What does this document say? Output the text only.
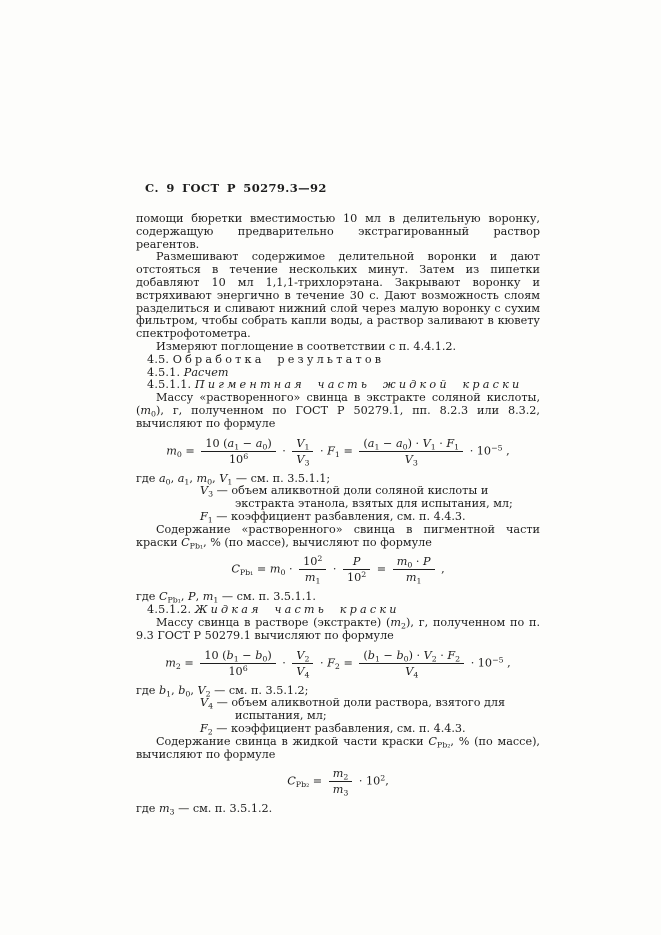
С. 9 ГОСТ Р 50279.3—92

помощи бюретки вместимостью 10 мл в делительную воронку, содержащую предварительно экстрагированный раствор реагентов.

Размешивают содержимое делительной воронки и дают отстояться в течение нескольких минут. Затем из пипетки добавляют 10 мл 1,1,1-трихлорэтана. Закрывают воронку и встряхивают энергично в течение 30 с. Дают возможность слоям разделиться и сливают нижний слой через малую воронку с сухим фильтром, чтобы собрать капли воды, а раствор заливают в кювету спектрофотометра.

Измеряют поглощение в соответствии с п. 4.4.1.2.

4.5. Обработка результатов

4.5.1. Расчет

4.5.1.1. Пигментная часть жидкой краски

Массу «растворенного» свинца в экстракте соляной кислоты, $(m_0)$, г, полученном по ГОСТ Р 50279.1, пп. 8.2.3 или 8.3.2, вычисляют по формуле

$m_0 = \frac{10 (a_1 - a_0)}{10^6} \cdot \frac{V_1}{V_3} \cdot F_1 = \frac{(a_1 - a_0) \cdot V_1 \cdot F_1}{V_3} \cdot 10^{-5}$ ,
где $a_0$, $a_1$, $m_0$, $V_1$ — см. п. 3.5.1.1;
$V_3$ — объем аликвотной доли соляной кислоты и
экстракта этанола, взятых для испытания, мл;
$F_1$ — коэффициент разбавления, см. п. 4.4.3.

Содержание «растворенного» свинца в пигментной части краски $C_{Pb_1}$, % (по массе), вычисляют по формуле

$C_{Pb_1} = m_0 \cdot \frac{10^2}{m_1} \cdot \frac{P}{10^2} = \frac{m_0 \cdot P}{m_1}$ ,
где $C_{Pb_1}$, P, $m_1$ — см. п. 3.5.1.1.

4.5.1.2. Жидкая часть краски

Массу свинца в растворе (экстракте) $(m_2)$, г, полученном по п. 9.3 ГОСТ Р 50279.1 вычисляют по формуле

$m_2 = \frac{10 (b_1 - b_0)}{10^6} \cdot \frac{V_2}{V_4} \cdot F_2 = \frac{(b_1 - b_0) \cdot V_2 \cdot F_2}{V_4} \cdot 10^{-5}$ ,
где $b_1$, $b_0$, $V_2$ — см. п. 3.5.1.2;
$V_4$ — объем аликвотной доли раствора, взятого для
испытания, мл;
$F_2$ — коэффициент разбавления, см. п. 4.4.3.

Содержание свинца в жидкой части краски $C_{Pb_2}$, % (по массе), вычисляют по формуле

$C_{Pb_2} = \frac{m_2}{m_3} \cdot 10^2$,
где $m_3$ — см. п. 3.5.1.2.
